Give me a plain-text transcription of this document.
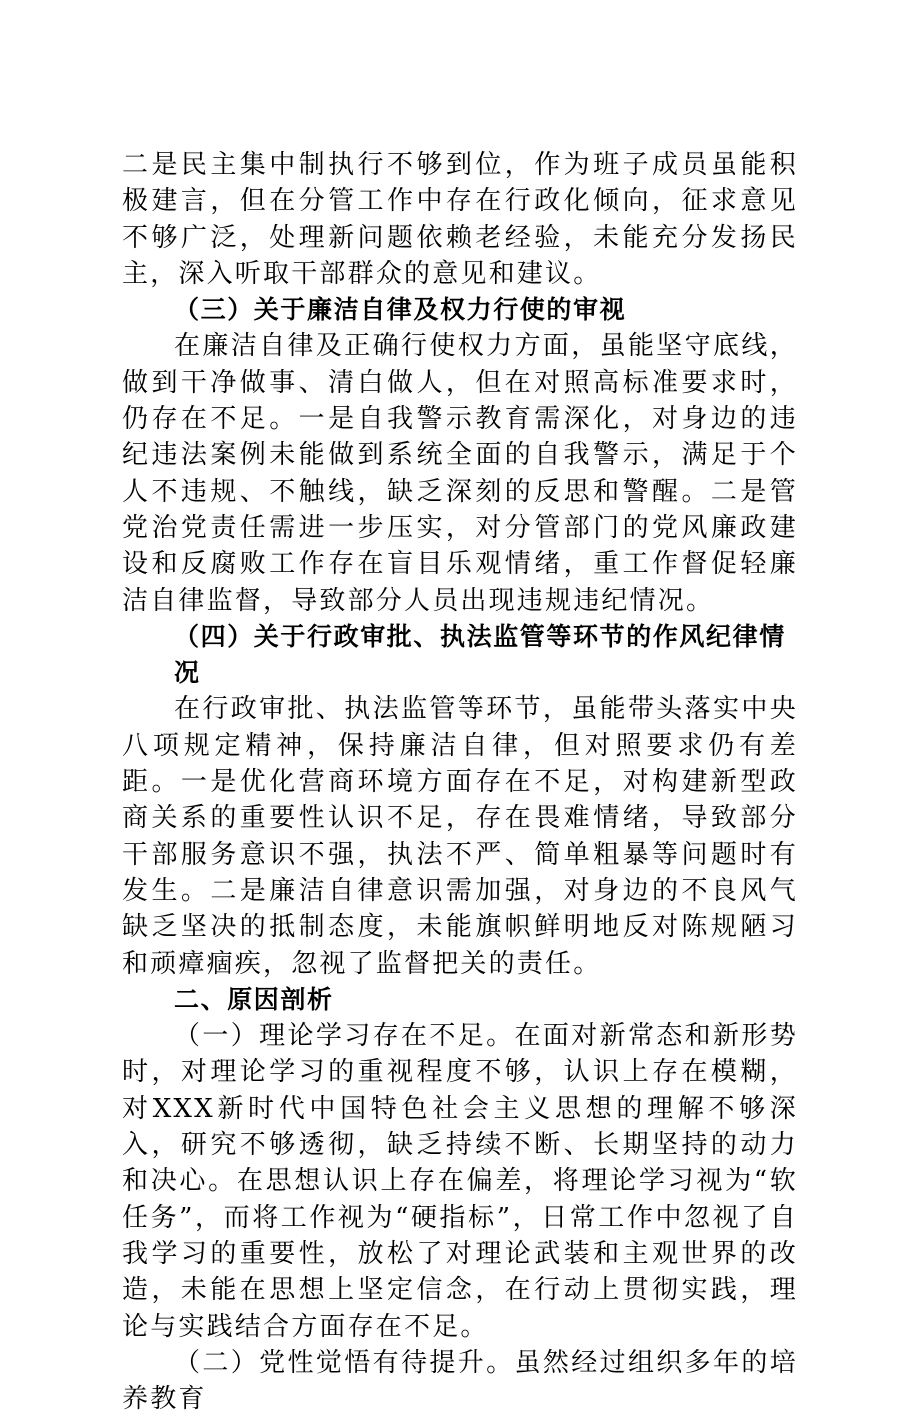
二是民主集中制执行不够到位，作为班子成员虽能积极建言，但在分管工作中存在行政化倾向，征求意见不够广泛，处理新问题依赖老经验，未能充分发扬民主，深入听取干部群众的意见和建议。

（三）关于廉洁自律及权力行使的审视

在廉洁自律及正确行使权力方面，虽能坚守底线，做到干净做事、清白做人，但在对照高标准要求时，仍存在不足。一是自我警示教育需深化，对身边的违纪违法案例未能做到系统全面的自我警示，满足于个人不违规、不触线，缺乏深刻的反思和警醒。二是管党治党责任需进一步压实，对分管部门的党风廉政建设和反腐败工作存在盲目乐观情绪，重工作督促轻廉洁自律监督，导致部分人员出现违规违纪情况。

（四）关于行政审批、执法监管等环节的作风纪律情况

在行政审批、执法监管等环节，虽能带头落实中央八项规定精神，保持廉洁自律，但对照要求仍有差距。一是优化营商环境方面存在不足，对构建新型政商关系的重要性认识不足，存在畏难情绪，导致部分干部服务意识不强，执法不严、简单粗暴等问题时有发生。二是廉洁自律意识需加强，对身边的不良风气缺乏坚决的抵制态度，未能旗帜鲜明地反对陈规陋习和顽瘴痼疾，忽视了监督把关的责任。

二、原因剖析

（一）理论学习存在不足。在面对新常态和新形势时，对理论学习的重视程度不够，认识上存在模糊，对XXX新时代中国特色社会主义思想的理解不够深入，研究不够透彻，缺乏持续不断、长期坚持的动力和决心。在思想认识上存在偏差，将理论学习视为“软任务”，而将工作视为“硬指标”，日常工作中忽视了自我学习的重要性，放松了对理论武装和主观世界的改造，未能在思想上坚定信念，在行动上贯彻实践，理论与实践结合方面存在不足。

（二）党性觉悟有待提升。虽然经过组织多年的培养教育
